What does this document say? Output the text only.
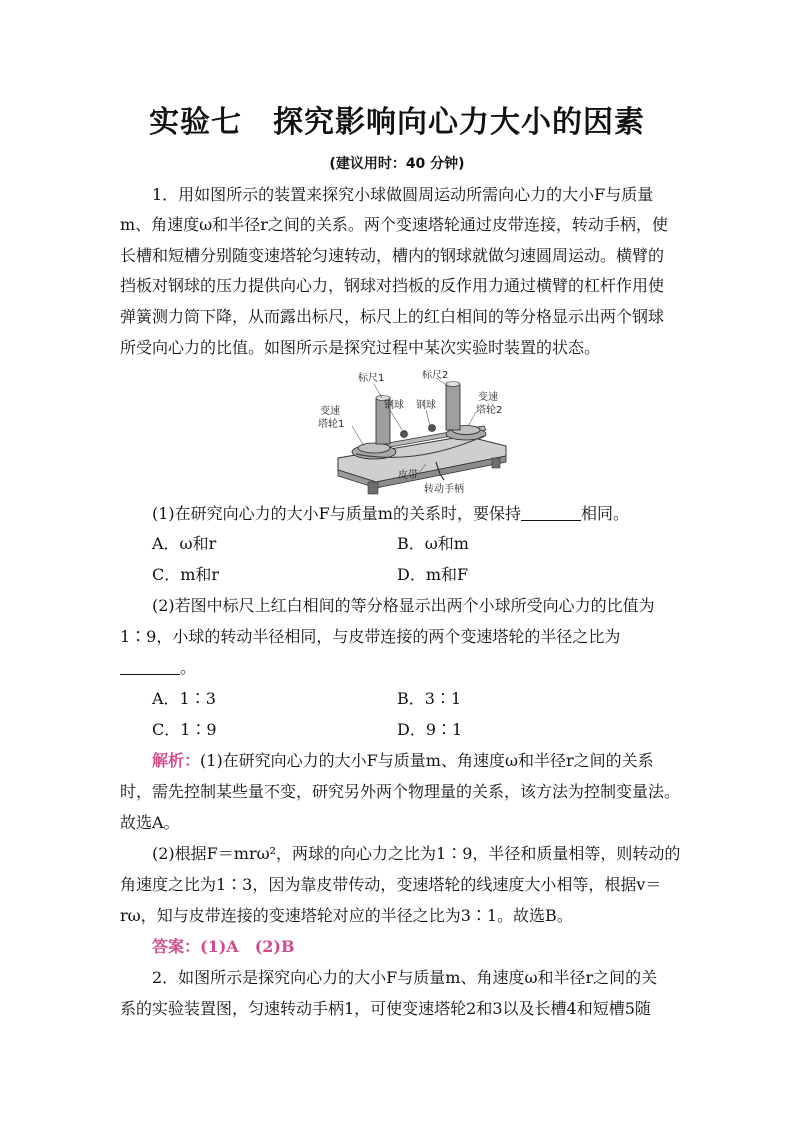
实验七　探究影响向心力大小的因素
(建议用时：40 分钟)
1．用如图所示的装置来探究小球做圆周运动所需向心力的大小F与质量
m、角速度ω和半径r之间的关系。两个变速塔轮通过皮带连接，转动手柄，使
长槽和短槽分别随变速塔轮匀速转动，槽内的钢球就做匀速圆周运动。横臂的
挡板对钢球的压力提供向心力，钢球对挡板的反作用力通过横臂的杠杆作用使
弹簧测力筒下降，从而露出标尺，标尺上的红白相间的等分格显示出两个钢球
所受向心力的比值。如图所示是探究过程中某次实验时装置的状态。
标尺1	标尺2
钢球 钢球
变速
塔轮1
变速
塔轮2
皮带
转动手柄
(1)在研究向心力的大小F与质量m的关系时，要保持	相同。
A．ω和r	B．ω和m
C．m和r	D．m和F
(2)若图中标尺上红白相间的等分格显示出两个小球所受向心力的比值为
1∶9，小球的转动半径相同，与皮带连接的两个变速塔轮的半径之比为
。
A．1∶3	B．3∶1
C．1∶9	D．9∶1
解析：(1)在研究向心力的大小F与质量m、角速度ω和半径r之间的关系
时，需先控制某些量不变，研究另外两个物理量的关系，该方法为控制变量法。
故选A。
(2)根据F＝mrω²，两球的向心力之比为1∶9，半径和质量相等，则转动的
角速度之比为1∶3，因为靠皮带传动，变速塔轮的线速度大小相等，根据v＝
rω，知与皮带连接的变速塔轮对应的半径之比为3∶1。故选B。
答案：(1)A　(2)B
2．如图所示是探究向心力的大小F与质量m、角速度ω和半径r之间的关
系的实验装置图，匀速转动手柄1，可使变速塔轮2和3以及长槽4和短槽5随
